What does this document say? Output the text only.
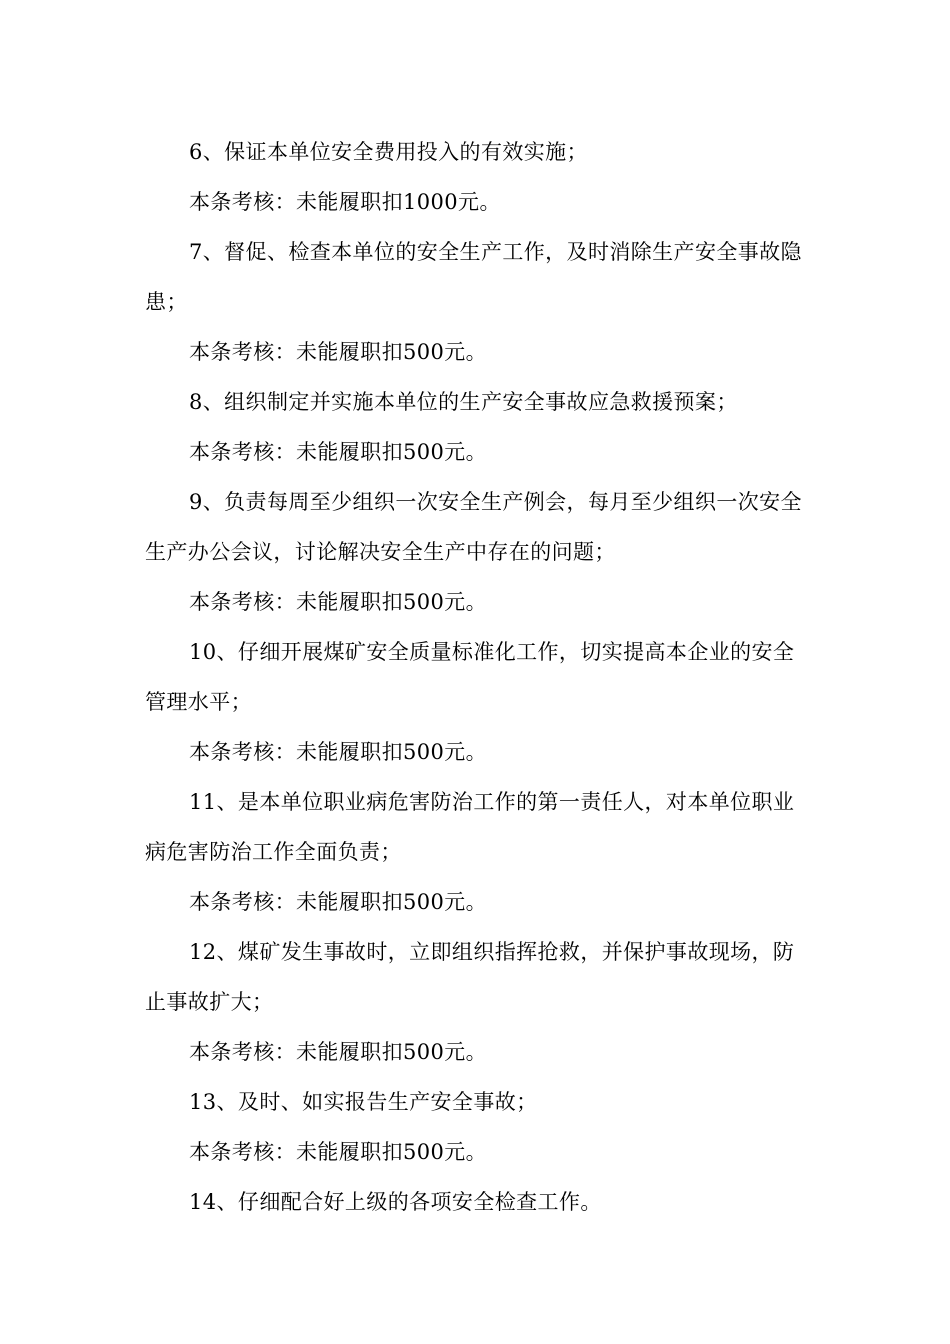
6、保证本单位安全费用投入的有效实施；

本条考核：未能履职扣1000元。

7、督促、检查本单位的安全生产工作，及时消除生产安全事故隐患；

本条考核：未能履职扣500元。

8、组织制定并实施本单位的生产安全事故应急救援预案；

本条考核：未能履职扣500元。

9、负责每周至少组织一次安全生产例会，每月至少组织一次安全生产办公会议，讨论解决安全生产中存在的问题；

本条考核：未能履职扣500元。

10、仔细开展煤矿安全质量标准化工作，切实提高本企业的安全管理水平；

本条考核：未能履职扣500元。

11、是本单位职业病危害防治工作的第一责任人，对本单位职业病危害防治工作全面负责；

本条考核：未能履职扣500元。

12、煤矿发生事故时，立即组织指挥抢救，并保护事故现场，防止事故扩大；

本条考核：未能履职扣500元。

13、及时、如实报告生产安全事故；

本条考核：未能履职扣500元。

14、仔细配合好上级的各项安全检查工作。
